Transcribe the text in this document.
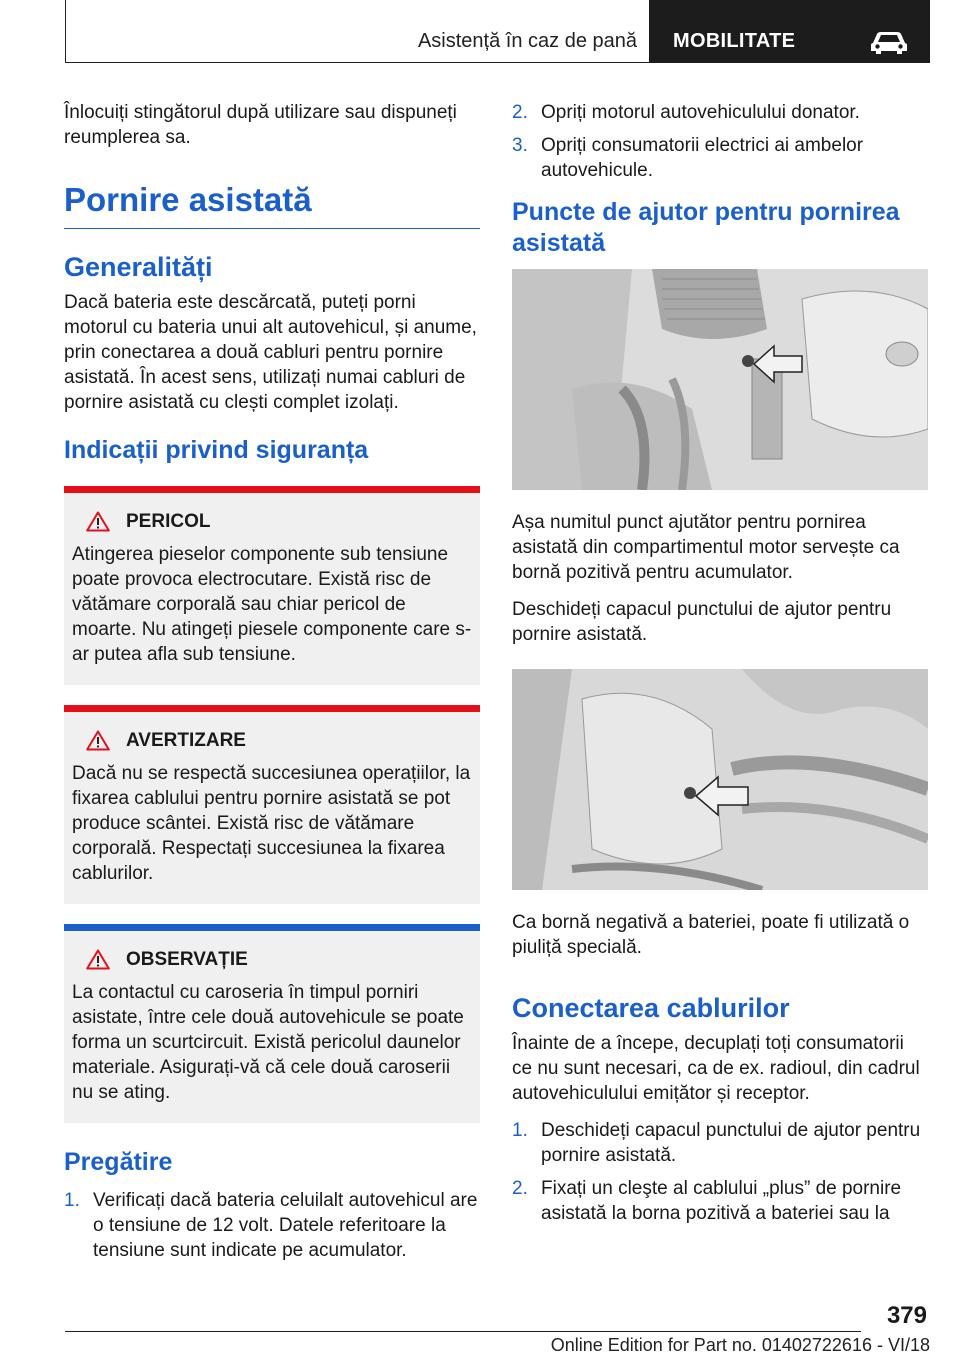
Asistență în caz de pană MOBILITATE

Înlocuiți stingătorul după utilizare sau dispuneți reumplerea sa.

Pornire asistată
Generalități

Dacă bateria este descărcată, puteți porni motorul cu bateria unui alt autovehicul, și anume, prin conectarea a două cabluri pentru pornire asistată. În acest sens, utilizați numai cabluri de pornire asistată cu clești complet izolați.

Indicații privind siguranța
PERICOL

Atingerea pieselor componente sub tensiune poate provoca electrocutare. Există risc de vătămare corporală sau chiar pericol de moarte. Nu atingeți piesele componente care s-ar putea afla sub tensiune.

AVERTIZARE

Dacă nu se respectă succesiunea operațiilor, la fixarea cablului pentru pornire asistată se pot produce scântei. Există risc de vătămare corporală. Respectați succesiunea la fixarea cablurilor.

OBSERVAȚIE

La contactul cu caroseria în timpul porniri asistate, între cele două autovehicule se poate forma un scurtcircuit. Există pericolul daunelor materiale. Asigurați-vă că cele două caroserii nu se ating.

Pregătire
1. Verificați dacă bateria celuilalt autovehicul are o tensiune de 12 volt. Datele referitoare la tensiune sunt indicate pe acumulator.
2. Opriți motorul autovehiculului donator.
3. Opriți consumatorii electrici ai ambelor autovehicule.
Puncte de ajutor pentru pornirea asistată

Așa numitul punct ajutător pentru pornirea asistată din compartimentul motor servește ca bornă pozitivă pentru acumulator.

Deschideți capacul punctului de ajutor pentru pornire asistată.

Ca bornă negativă a bateriei, poate fi utilizată o piuliță specială.

Conectarea cablurilor

Înainte de a începe, decuplați toți consumatorii ce nu sunt necesari, ca de ex. radioul, din cadrul autovehiculului emițător și receptor.

1. Deschideți capacul punctului de ajutor pentru pornire asistată.
2. Fixați un cleşte al cablului „plus” de pornire asistată la borna pozitivă a bateriei sau la
379
Online Edition for Part no. 01402722616 - VI/18
